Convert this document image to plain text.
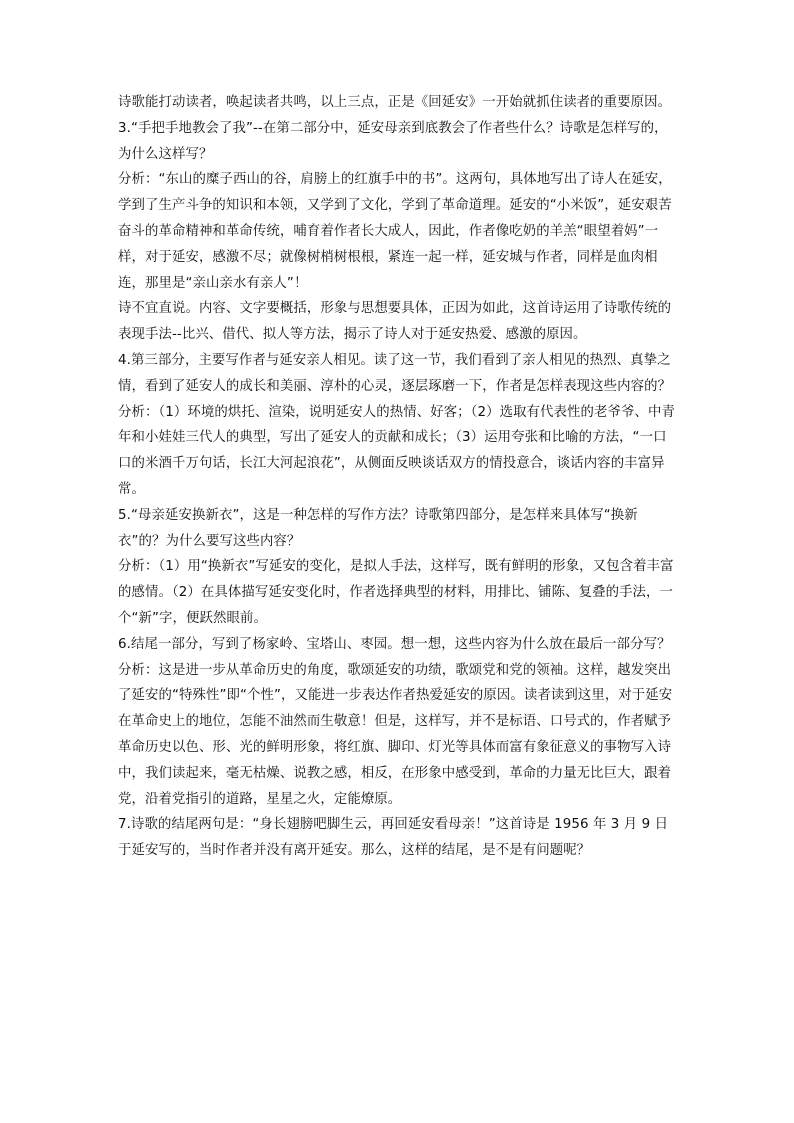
诗歌能打动读者，唤起读者共鸣，以上三点，正是《回延安》一开始就抓住读者的重要原因。

3.“手把手地教会了我”--在第二部分中，延安母亲到底教会了作者些什么？诗歌是怎样写的，为什么这样写？

分析：“东山的糜子西山的谷，肩膀上的红旗手中的书”。这两句，具体地写出了诗人在延安，学到了生产斗争的知识和本领，又学到了文化，学到了革命道理。延安的“小米饭”，延安艰苦奋斗的革命精神和革命传统，哺育着作者长大成人，因此，作者像吃奶的羊羔“眼望着妈”一样，对于延安，感激不尽；就像树梢树根根，紧连一起一样，延安城与作者，同样是血肉相连，那里是“亲山亲水有亲人”！

诗不宜直说。内容、文字要概括，形象与思想要具体，正因为如此，这首诗运用了诗歌传统的表现手法--比兴、借代、拟人等方法，揭示了诗人对于延安热爱、感激的原因。

4.第三部分，主要写作者与延安亲人相见。读了这一节，我们看到了亲人相见的热烈、真挚之情，看到了延安人的成长和美丽、淳朴的心灵，逐层琢磨一下，作者是怎样表现这些内容的？

分析：（1）环境的烘托、渲染，说明延安人的热情、好客；（2）选取有代表性的老爷爷、中青年和小娃娃三代人的典型，写出了延安人的贡献和成长；（3）运用夸张和比喻的方法，“一口口的米酒千万句话，长江大河起浪花”，从侧面反映谈话双方的情投意合，谈话内容的丰富异常。

5.“母亲延安换新衣”，这是一种怎样的写作方法？诗歌第四部分，是怎样来具体写“换新衣”的？为什么要写这些内容？

分析：（1）用“换新衣”写延安的变化，是拟人手法，这样写，既有鲜明的形象，又包含着丰富的感情。（2）在具体描写延安变化时，作者选择典型的材料，用排比、铺陈、复叠的手法，一个“新”字，便跃然眼前。

6.结尾一部分，写到了杨家岭、宝塔山、枣园。想一想，这些内容为什么放在最后一部分写？

分析：这是进一步从革命历史的角度，歌颂延安的功绩，歌颂党和党的领袖。这样，越发突出了延安的“特殊性”即“个性”，又能进一步表达作者热爱延安的原因。读者读到这里，对于延安在革命史上的地位，怎能不油然而生敬意！但是，这样写，并不是标语、口号式的，作者赋予革命历史以色、形、光的鲜明形象，将红旗、脚印、灯光等具体而富有象征意义的事物写入诗中，我们读起来，毫无枯燥、说教之感，相反，在形象中感受到，革命的力量无比巨大，跟着党，沿着党指引的道路，星星之火，定能燎原。

7.诗歌的结尾两句是：“身长翅膀吧脚生云，再回延安看母亲！”这首诗是 1956 年 3 月 9 日于延安写的，当时作者并没有离开延安。那么，这样的结尾，是不是有问题呢？
